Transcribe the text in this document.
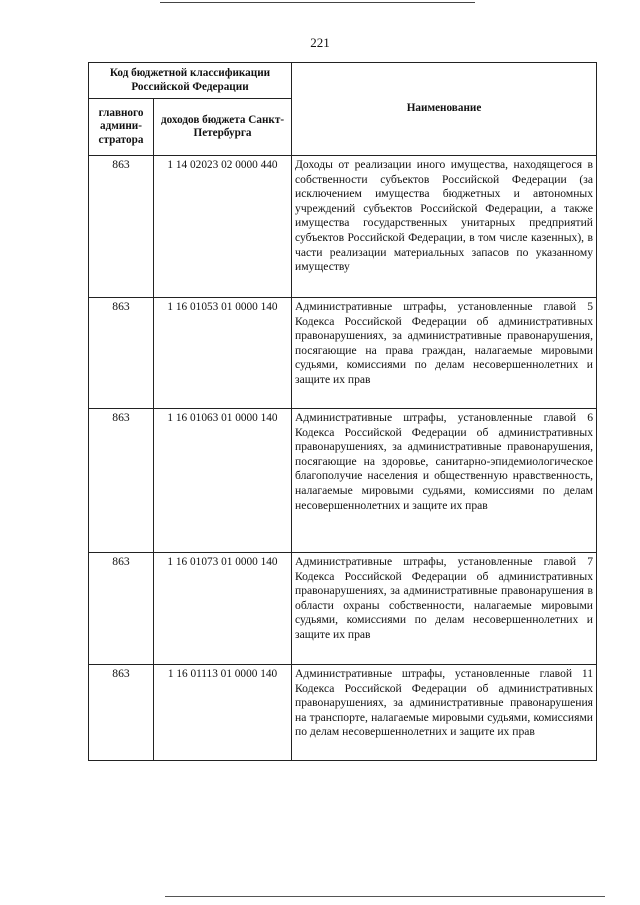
221
Код бюджетной классификации Российской Федерации		Наименование
главного админи-стратора	доходов бюджета Санкт-Петербурга	
863	1 14 02023 02 0000 440	Доходы от реализации иного имущества, находящегося в собственности субъектов Российской Федерации (за исключением имущества бюджетных и автономных учреждений субъектов Российской Федерации, а также имущества государственных унитарных предприятий субъектов Российской Федерации, в том числе казенных), в части реализации материальных запасов по указанному имуществу
863	1 16 01053 01 0000 140	Административные штрафы, установленные главой 5 Кодекса Российской Федерации об административных правонарушениях, за административные правонарушения, посягающие на права граждан, налагаемые мировыми судьями, комиссиями по делам несовершеннолетних и защите их прав
863	1 16 01063 01 0000 140	Административные штрафы, установленные главой 6 Кодекса Российской Федерации об административных правонарушениях, за административные правонарушения, посягающие на здоровье, санитарно-эпидемиологическое благополучие населения и общественную нравственность, налагаемые мировыми судьями, комиссиями по делам несовершеннолетних и защите их прав
863	1 16 01073 01 0000 140	Административные штрафы, установленные главой 7 Кодекса Российской Федерации об административных правонарушениях, за административные правонарушения в области охраны собственности, налагаемые мировыми судьями, комиссиями по делам несовершеннолетних и защите их прав
863	1 16 01113 01 0000 140	Административные штрафы, установленные главой 11 Кодекса Российской Федерации об административных правонарушениях, за административные правонарушения на транспорте, налагаемые мировыми судьями, комиссиями по делам несовершеннолетних и защите их прав
